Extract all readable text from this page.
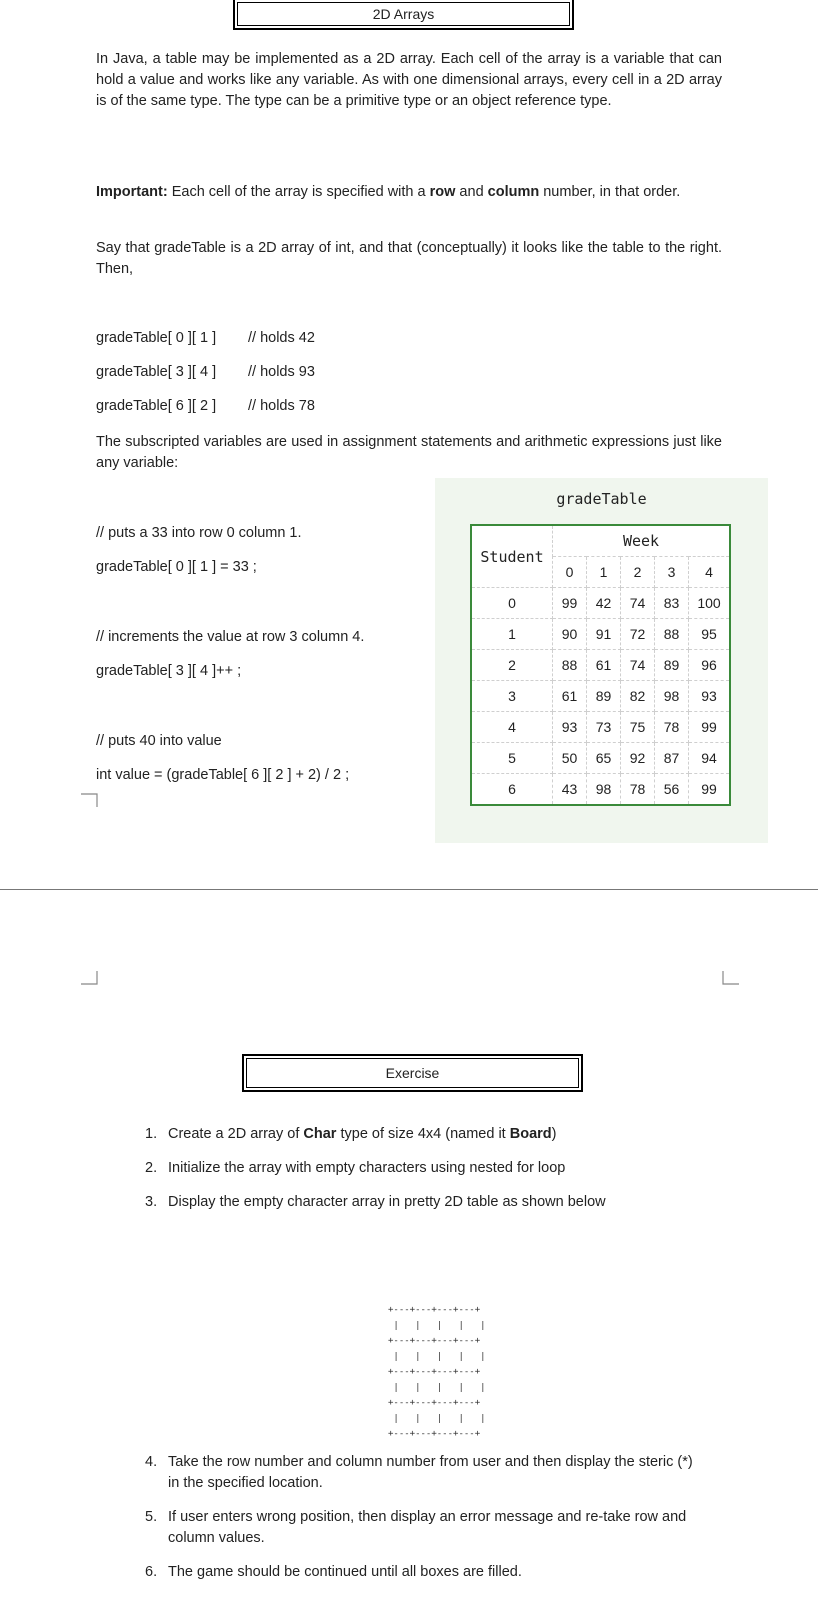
2D Arrays
In Java, a table may be implemented as a 2D array. Each cell of the array is a variable that can hold a value and works like any variable. As with one dimensional arrays, every cell in a 2D array is of the same type. The type can be a primitive type or an object reference type.
Important: Each cell of the array is specified with a row and column number, in that order.
Say that gradeTable is a 2D array of int, and that (conceptually) it looks like the table to the right. Then,
gradeTable[ 0 ][ 1 ] // holds 42
gradeTable[ 3 ][ 4 ] // holds 93
gradeTable[ 6 ][ 2 ] // holds 78
The subscripted variables are used in assignment statements and arithmetic expressions just like any variable:
// puts a 33 into row 0 column 1.
gradeTable[ 0 ][ 1 ] = 33 ;
// increments the value at row 3 column 4.
gradeTable[ 3 ][ 4 ]++ ;
// puts 40 into value
int value = (gradeTable[ 6 ][ 2 ] + 2) / 2 ;
gradeTable
Student	Week				
	0	1	2	3	4
0	99	42	74	83	100
1	90	91	72	88	95
2	88	61	74	89	96
3	61	89	82	98	93
4	93	73	75	78	99
5	50	65	92	87	94
6	43	98	78	56	99
Exercise
1. Create a 2D array of Char type of size 4x4 (named it Board)
2. Initialize the array with empty characters using nested for loop
3. Display the empty character array in pretty 2D table as shown below
+---+---+---+---+
|   |   |   |   |
+---+---+---+---+
|   |   |   |   |
+---+---+---+---+
|   |   |   |   |
+---+---+---+---+
|   |   |   |   |
+---+---+---+---+
4. Take the row number and column number from user and then display the steric (*) in the specified location.
5. If user enters wrong position, then display an error message and re-take row and column values.
6. The game should be continued until all boxes are filled.
